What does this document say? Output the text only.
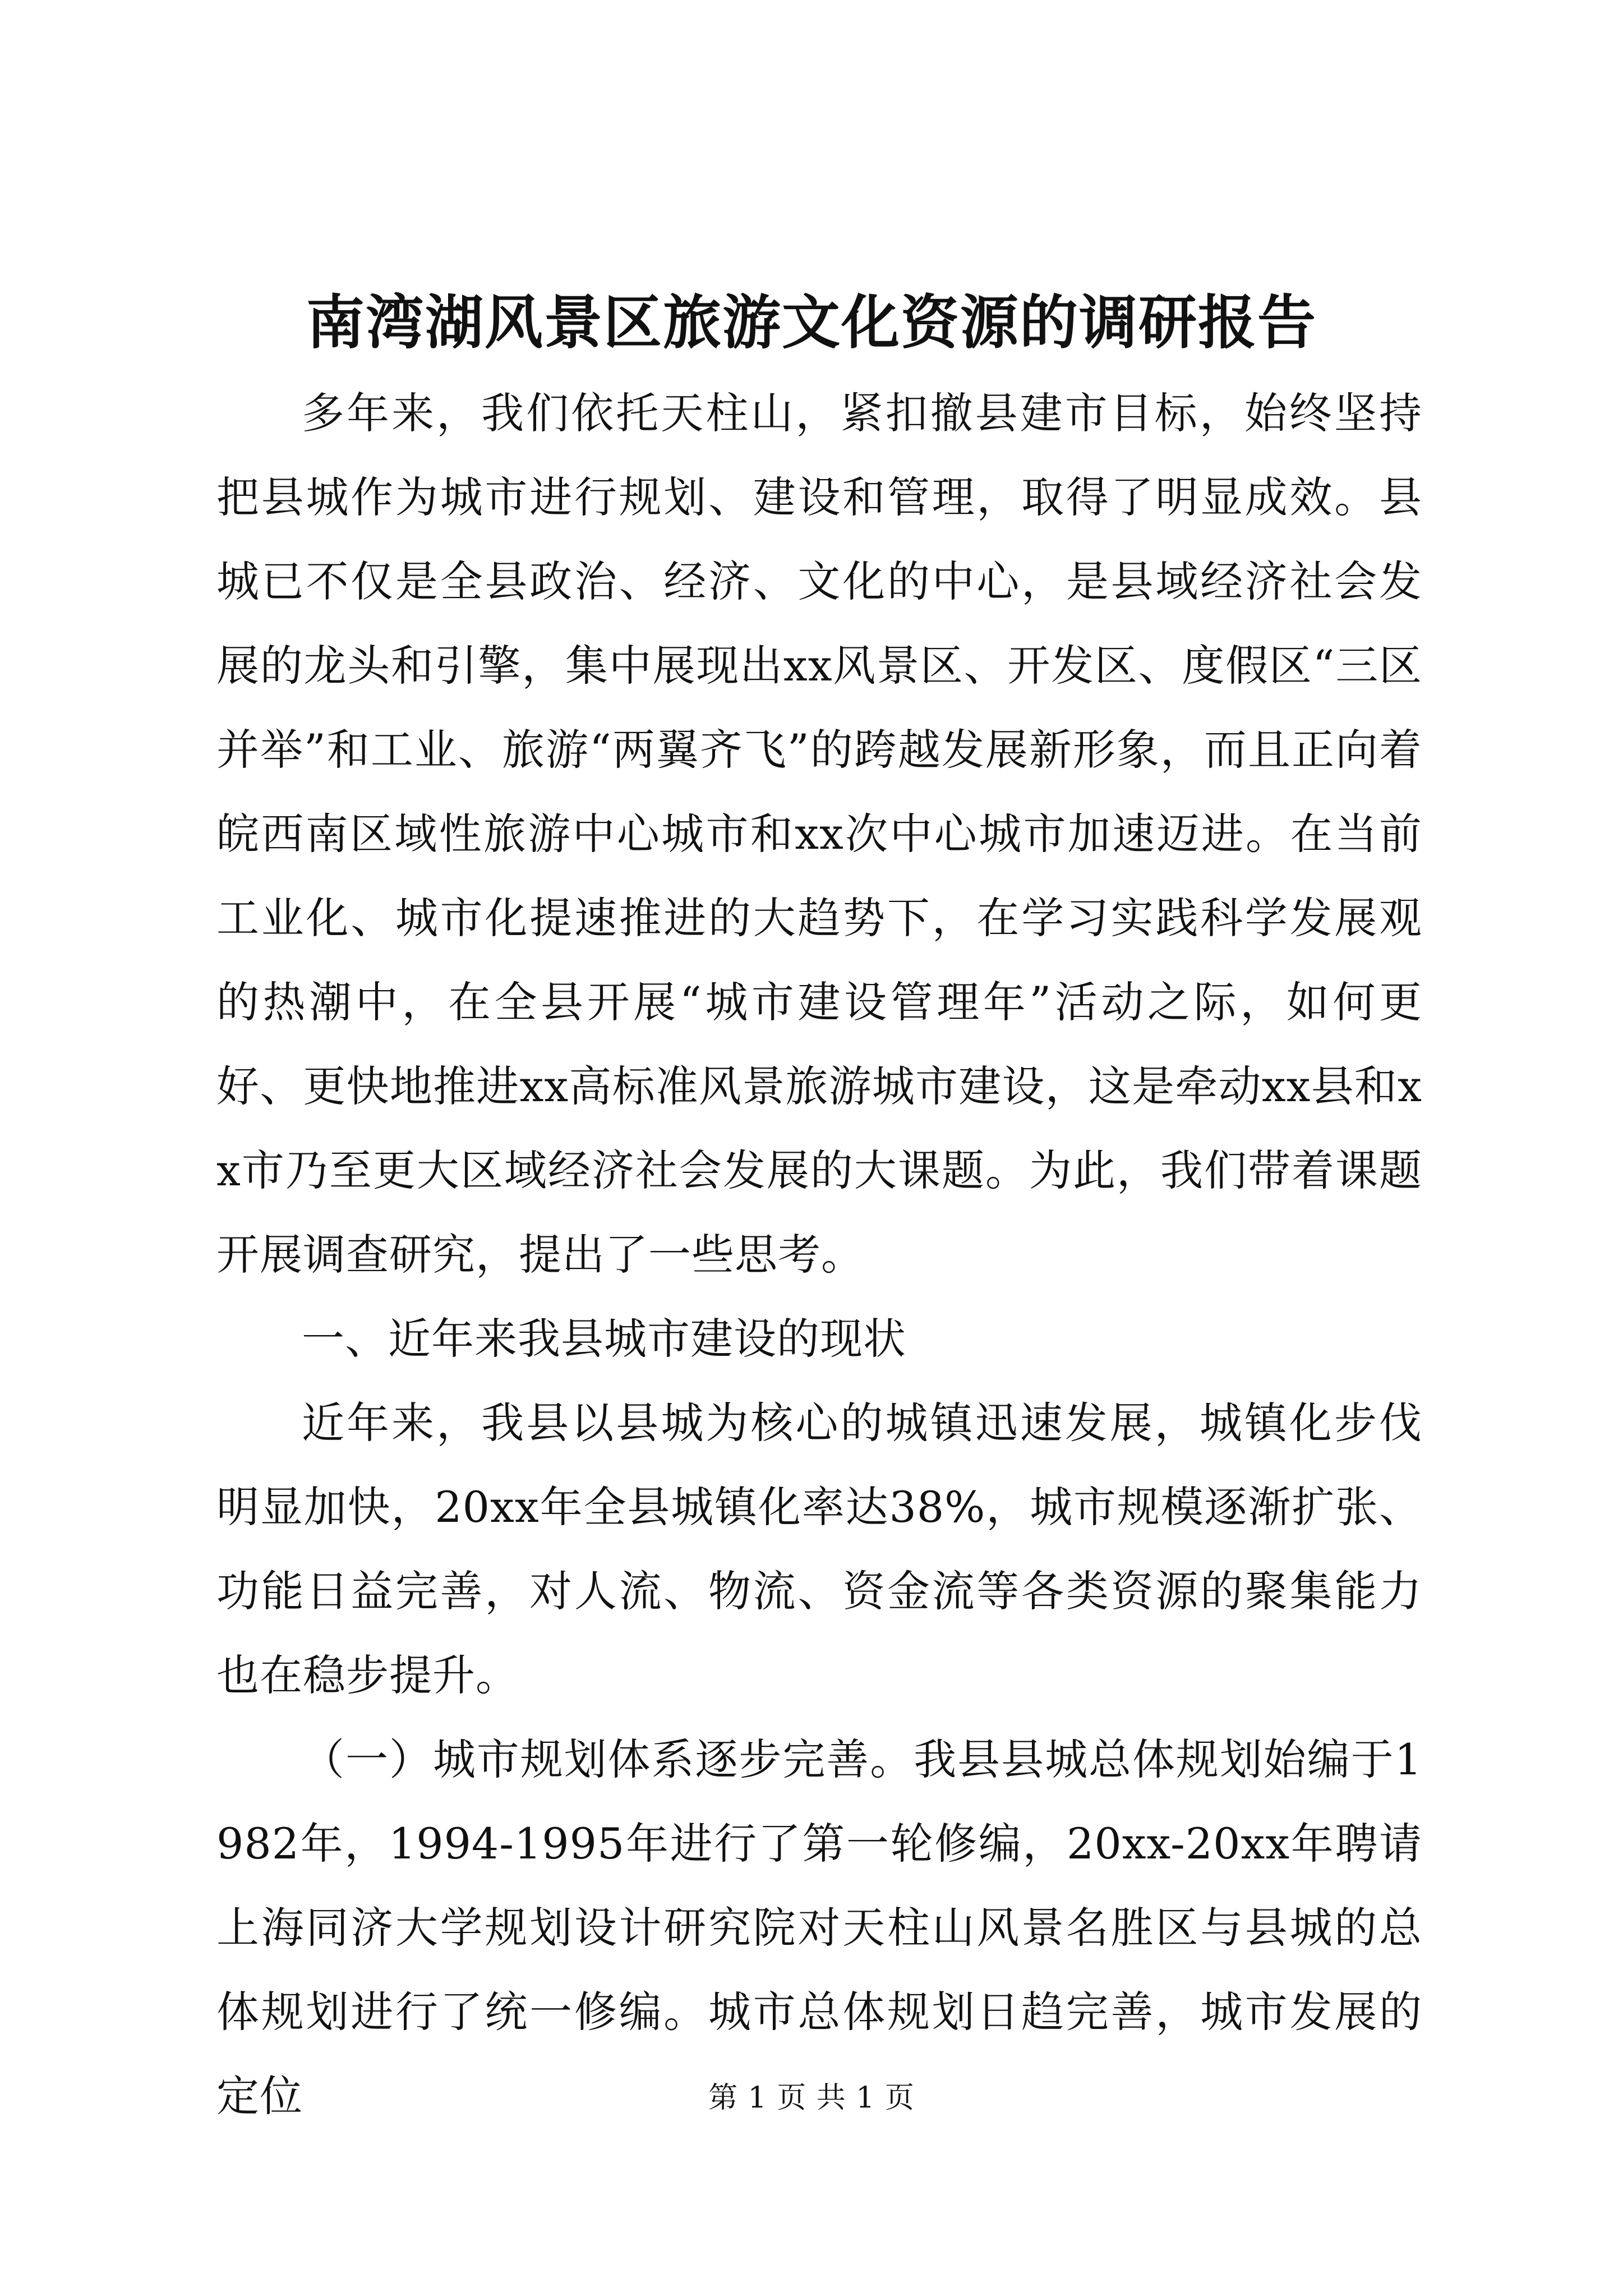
南湾湖风景区旅游文化资源的调研报告

多年来，我们依托天柱山，紧扣撤县建市目标，始终坚持把县城作为城市进行规划、建设和管理，取得了明显成效。县城已不仅是全县政治、经济、文化的中心，是县域经济社会发展的龙头和引擎，集中展现出xx风景区、开发区、度假区“三区并举”和工业、旅游“两翼齐飞”的跨越发展新形象，而且正向着皖西南区域性旅游中心城市和xx次中心城市加速迈进。在当前工业化、城市化提速推进的大趋势下，在学习实践科学发展观的热潮中，在全县开展“城市建设管理年”活动之际，如何更好、更快地推进xx高标准风景旅游城市建设，这是牵动xx县和xx市乃至更大区域经济社会发展的大课题。为此，我们带着课题开展调查研究，提出了一些思考。

一、近年来我县城市建设的现状

近年来，我县以县城为核心的城镇迅速发展，城镇化步伐明显加快，20xx年全县城镇化率达38%，城市规模逐渐扩张、功能日益完善，对人流、物流、资金流等各类资源的聚集能力也在稳步提升。

（一）城市规划体系逐步完善。我县县城总体规划始编于1982年，1994-1995年进行了第一轮修编，20xx-20xx年聘请上海同济大学规划设计研究院对天柱山风景名胜区与县城的总体规划进行了统一修编。城市总体规划日趋完善，城市发展的定位	第 1 页 共 1 页
